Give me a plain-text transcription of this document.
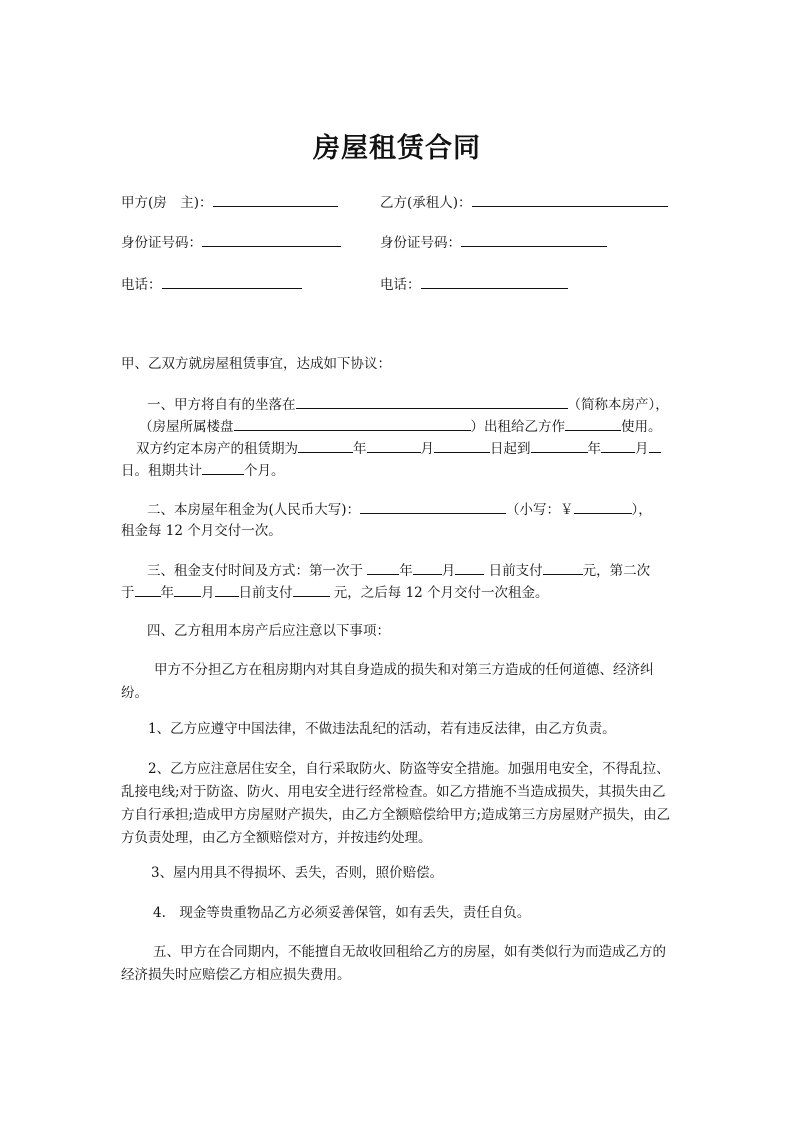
房屋租赁合同
甲方(房　主)：	乙方(承租人)：
身份证号码：	身份证号码：
电话：	电话：
甲、乙双方就房屋租赁事宜，达成如下协议：
一、甲方将自有的坐落在	（简称本房产），
（房屋所属楼盘	）出租给乙方作	使用。
双方约定本房产的租赁期为	年	月	日起到	年	月
日。租期共计	个月。
二、本房屋年租金为(人民币大写)：	（小写：￥	），
租金每 12 个月交付一次。
三、租金支付时间及方式：第一次于	年 月 日前支付	元，第二次
于 年 月 日前支付	元，之后每 12 个月交付一次租金。
四、乙方租用本房产后应注意以下事项：

甲方不分担乙方在租房期内对其自身造成的损失和对第三方造成的任何道德、经济纠纷。

1、乙方应遵守中国法律，不做违法乱纪的活动，若有违反法律，由乙方负责。

2、乙方应注意居住安全，自行采取防火、防盗等安全措施。加强用电安全，不得乱拉、乱接电线;对于防盗、防火、用电安全进行经常检查。如乙方措施不当造成损失，其损失由乙方自行承担;造成甲方房屋财产损失，由乙方全额赔偿给甲方;造成第三方房屋财产损失，由乙方负责处理，由乙方全额赔偿对方，并按违约处理。

3、屋内用具不得损坏、丢失，否则，照价赔偿。

4.　现金等贵重物品乙方必须妥善保管，如有丢失，责任自负。

五、甲方在合同期内，不能擅自无故收回租给乙方的房屋，如有类似行为而造成乙方的经济损失时应赔偿乙方相应损失费用。
